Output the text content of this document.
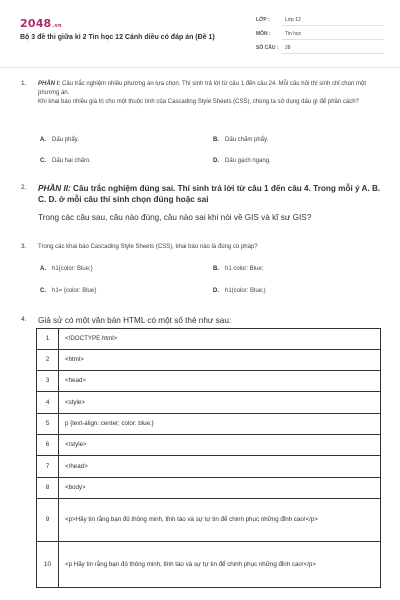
2048.vn
Bộ 3 đề thi giữa kì 2 Tin học 12 Cánh diều có đáp án (Đề 1)
LỚP :	Lớp 12
MÔN :	Tin học
SỐ CÂU : 28
1. PHẦN I: Câu trắc nghiệm nhiều phương án lựa chọn. Thí sinh trả lời từ câu 1 đến câu 24. Mỗi câu hỏi thí sinh chỉ chọn một phương án.
Khi khai báo nhiều giá trị cho một thuộc tính của Cascading Style Sheets (CSS), chúng ta sử dụng dấu gì để phân cách?
A. Dấu phẩy.	B. Dấu chấm phẩy.
C. Dấu hai chấm.	D. Dấu gạch ngang.
2. PHẦN II: Câu trắc nghiệm đúng sai. Thí sinh trả lời từ câu 1 đến câu 4. Trong mỗi ý A. B. C. D. ở mỗi câu thí sinh chọn đúng hoặc sai
Trong các câu sau, câu nào đúng, câu nào sai khi nói về GIS và kĩ sư GIS?
3. Trong các khai báo Cascading Style Sheets (CSS), khai báo nào là đúng cú pháp?
A. h1{color: Blue;}	B. h1 color: Blue;
C. h1= {color: Blue}	D. h1(color: Blue;)
4. Giả sử có một văn bản HTML có một số thẻ như sau:
1	<!DOCTYPE html>
2	<html>
3	<head>
4	<style>
5	p {text-align: center; color: blue;}
6	</style>
7	</head>
8	<body>
9	<p>Hãy tin rằng bạn đủ thông minh, tỉnh táo và sự tự tin để chinh phục những đỉnh cao!</p>
10	<p Hãy tin rằng bạn đủ thông minh, tỉnh táo và sự tự tin để chinh phục những đỉnh cao!</p>
